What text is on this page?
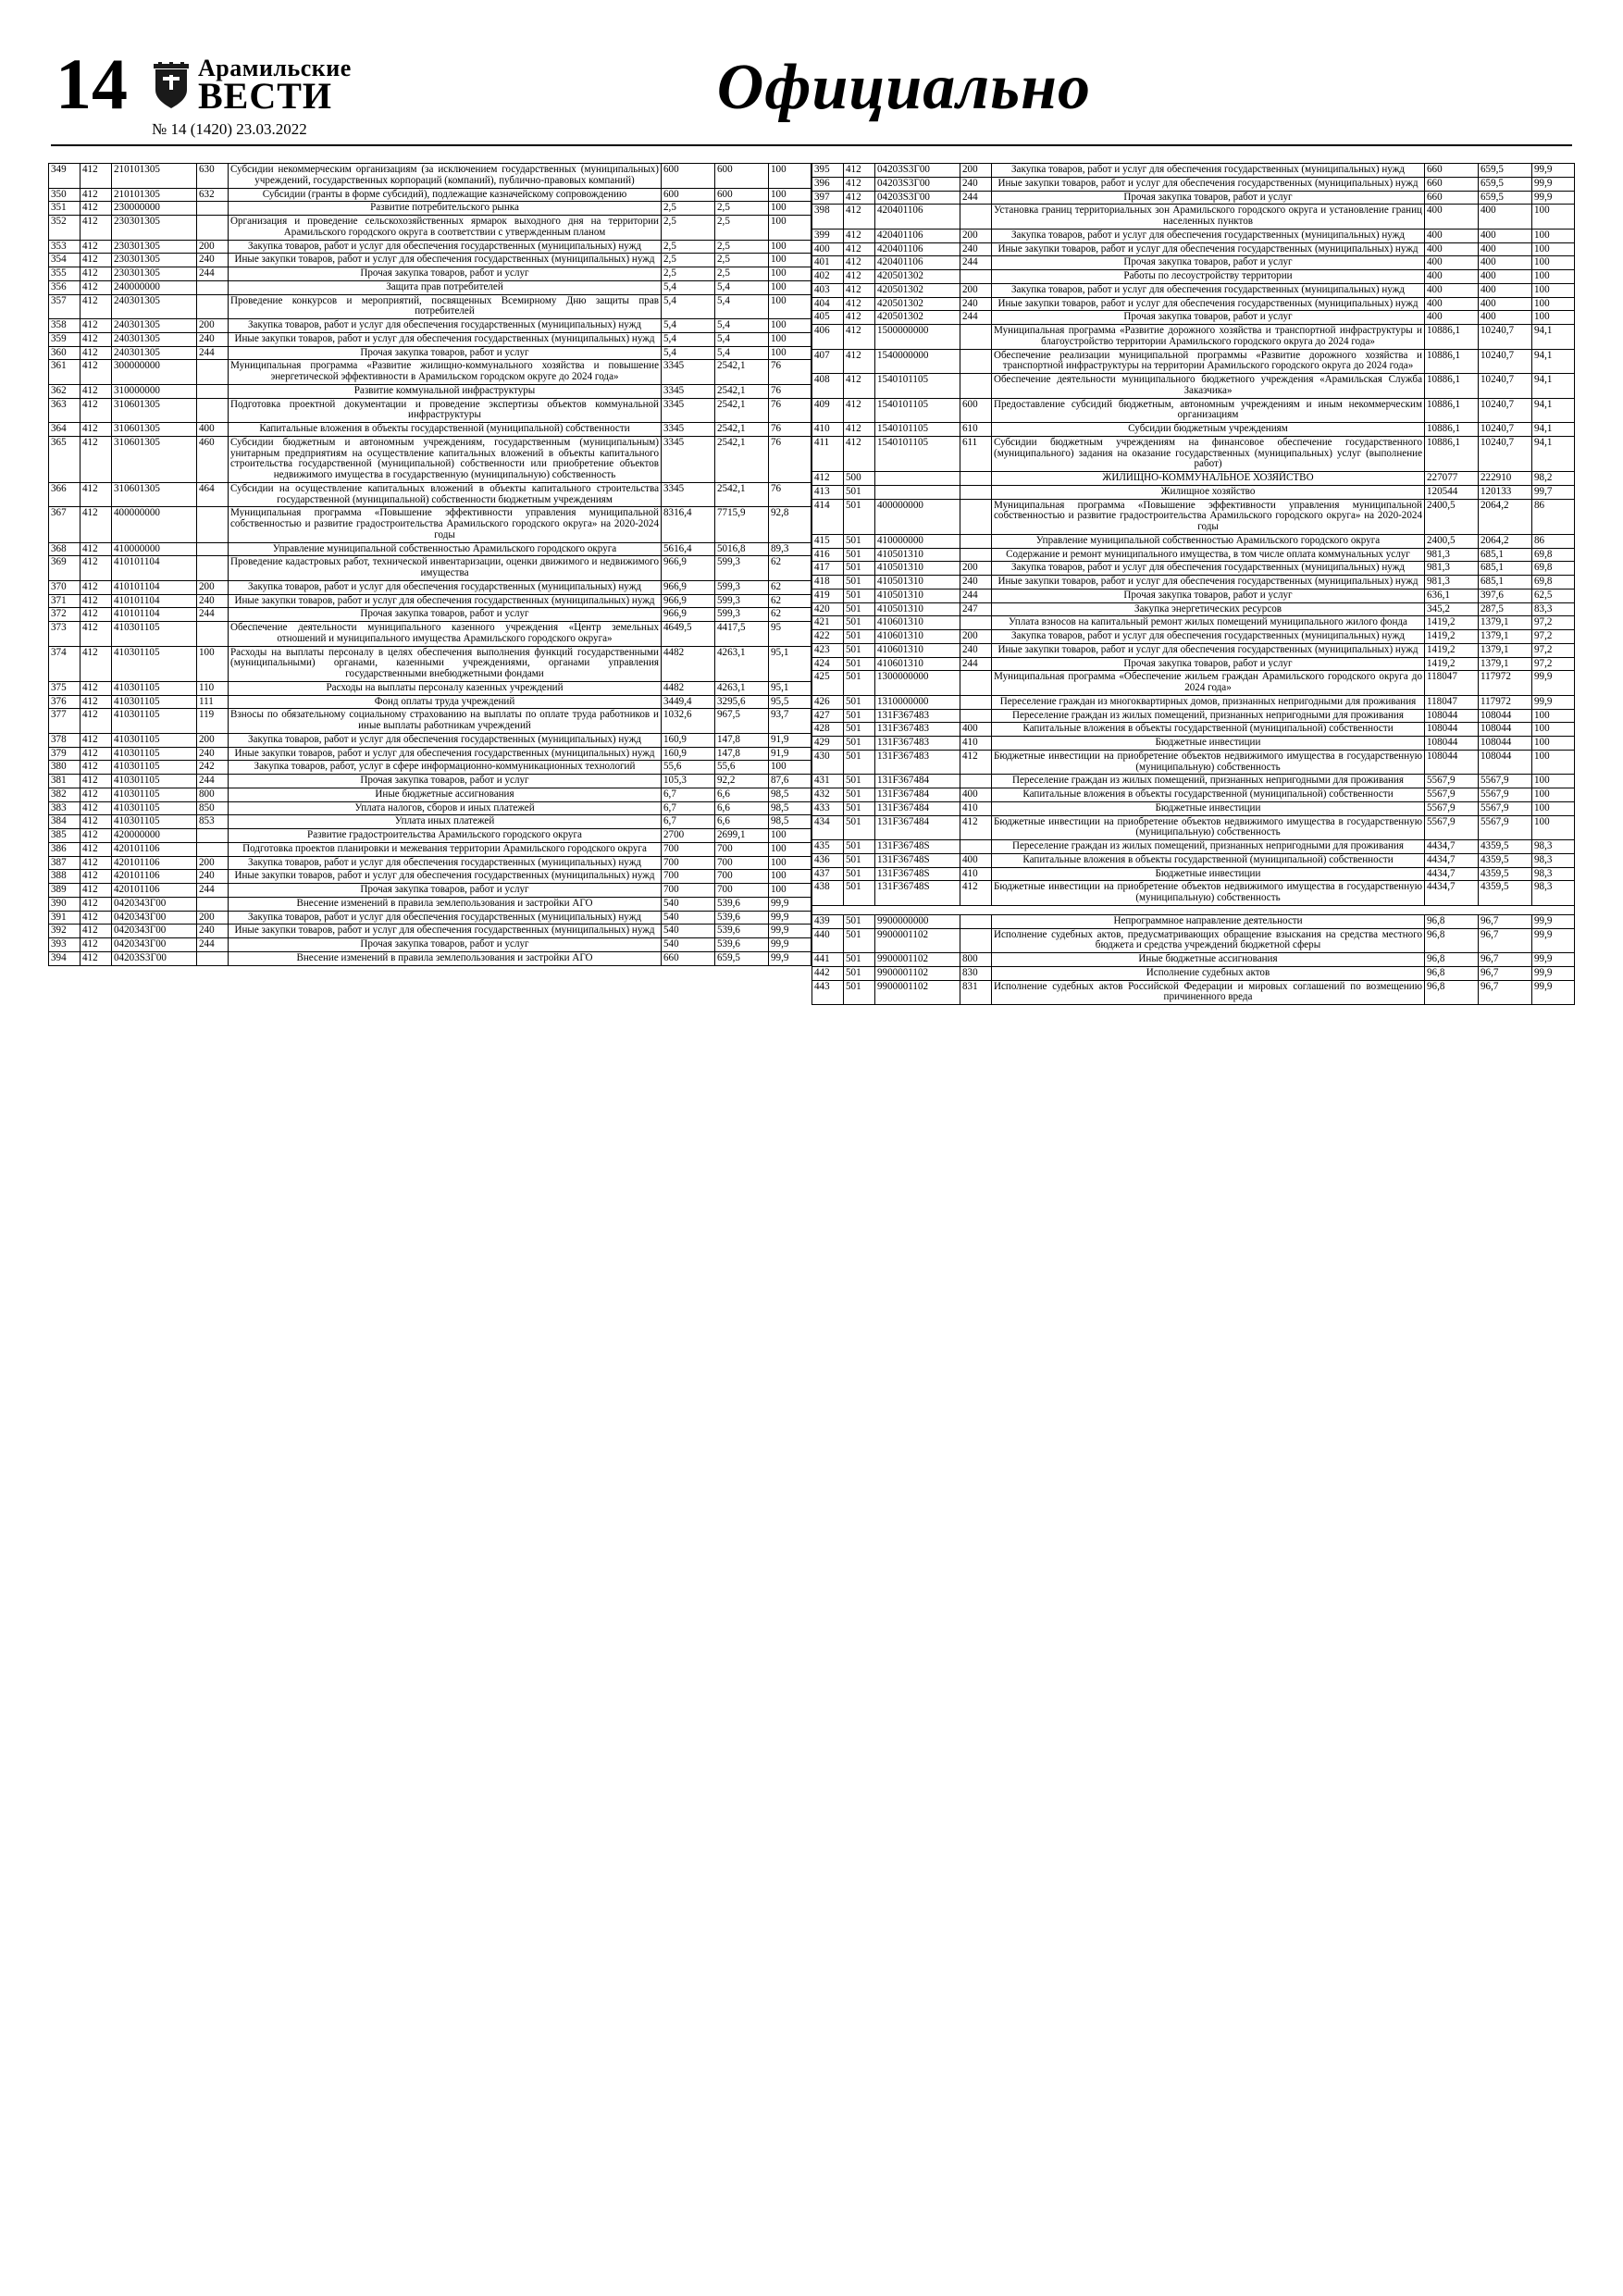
14	Арамильские
ВЕСТИ
№ 14 (1420) 23.03.2022
Официально
349	412	210101305	630	Субсидии некоммерческим организациям (за исключением государственных (муниципальных) учреждений, государственных корпораций (компаний), публично-правовых компаний)	600	600	100
350	412	210101305	632	Субсидии (гранты в форме субсидий), подлежащие казначейскому сопровождению	600	600	100
351	412	230000000		Развитие потребительского рынка	2,5	2,5	100
352	412	230301305		Организация и проведение сельскохозяйственных ярмарок выходного дня на территории Арамильского городского округа в соответствии с утвержденным планом	2,5	2,5	100
353	412	230301305	200	Закупка товаров, работ и услуг для обеспечения государственных (муниципальных) нужд	2,5	2,5	100
354	412	230301305	240	Иные закупки товаров, работ и услуг для обеспечения государственных (муниципальных) нужд	2,5	2,5	100
355	412	230301305	244	Прочая закупка товаров, работ и услуг	2,5	2,5	100
356	412	240000000		Защита прав потребителей	5,4	5,4	100
357	412	240301305		Проведение конкурсов и мероприятий, посвященных Всемирному Дню защиты прав потребителей	5,4	5,4	100
358	412	240301305	200	Закупка товаров, работ и услуг для обеспечения государственных (муниципальных) нужд	5,4	5,4	100
359	412	240301305	240	Иные закупки товаров, работ и услуг для обеспечения государственных (муниципальных) нужд	5,4	5,4	100
360	412	240301305	244	Прочая закупка товаров, работ и услуг	5,4	5,4	100
361	412	300000000		Муниципальная программа «Развитие жилищно-коммунального хозяйства и повышение энергетической эффективности в Арамильском городском округе до 2024 года»	3345	2542,1	76
362	412	310000000		Развитие коммунальной инфраструктуры	3345	2542,1	76
363	412	310601305		Подготовка проектной документации и проведение экспертизы объектов коммунальной инфраструктуры	3345	2542,1	76
364	412	310601305	400	Капитальные вложения в объекты государственной (муниципальной) собственности	3345	2542,1	76
365	412	310601305	460	Субсидии бюджетным и автономным учреждениям, государственным (муниципальным) унитарным предприятиям на осуществление капитальных вложений в объекты капитального строительства государственной (муниципальной) собственности или приобретение объектов недвижимого имущества в государственную (муниципальную) собственность	3345	2542,1	76
366	412	310601305	464	Субсидии на осуществление капитальных вложений в объекты капитального строительства государственной (муниципальной) собственности бюджетным учреждениям	3345	2542,1	76
367	412	400000000		Муниципальная программа «Повышение эффективности управления муниципальной собственностью и развитие градостроительства Арамильского городского округа» на 2020-2024 годы	8316,4	7715,9	92,8
368	412	410000000		Управление муниципальной собственностью Арамильского городского округа	5616,4	5016,8	89,3
369	412	410101104		Проведение кадастровых работ, технической инвентаризации, оценки движимого и недвижимого имущества	966,9	599,3	62
370	412	410101104	200	Закупка товаров, работ и услуг для обеспечения государственных (муниципальных) нужд	966,9	599,3	62
371	412	410101104	240	Иные закупки товаров, работ и услуг для обеспечения государственных (муниципальных) нужд	966,9	599,3	62
372	412	410101104	244	Прочая закупка товаров, работ и услуг	966,9	599,3	62
373	412	410301105		Обеспечение деятельности муниципального казенного учреждения «Центр земельных отношений и муниципального имущества Арамильского городского округа»	4649,5	4417,5	95
374	412	410301105	100	Расходы на выплаты персоналу в целях обеспечения выполнения функций государственными (муниципальными) органами, казенными учреждениями, органами управления государственными внебюджетными фондами	4482	4263,1	95,1
375	412	410301105	110	Расходы на выплаты персоналу казенных учреждений	4482	4263,1	95,1
376	412	410301105	111	Фонд оплаты труда учреждений	3449,4	3295,6	95,5
377	412	410301105	119	Взносы по обязательному социальному страхованию на выплаты по оплате труда работников и иные выплаты работникам учреждений	1032,6	967,5	93,7
378	412	410301105	200	Закупка товаров, работ и услуг для обеспечения государственных (муниципальных) нужд	160,9	147,8	91,9
379	412	410301105	240	Иные закупки товаров, работ и услуг для обеспечения государственных (муниципальных) нужд	160,9	147,8	91,9
380	412	410301105	242	Закупка товаров, работ, услуг в сфере информационно-коммуникационных технологий	55,6	55,6	100
381	412	410301105	244	Прочая закупка товаров, работ и услуг	105,3	92,2	87,6
382	412	410301105	800	Иные бюджетные ассигнования	6,7	6,6	98,5
383	412	410301105	850	Уплата налогов, сборов и иных платежей	6,7	6,6	98,5
384	412	410301105	853	Уплата иных платежей	6,7	6,6	98,5
385	412	420000000		Развитие градостроительства Арамильского городского округа	2700	2699,1	100
386	412	420101106		Подготовка проектов планировки и межевания территории Арамильского городского округа	700	700	100
387	412	420101106	200	Закупка товаров, работ и услуг для обеспечения государственных (муниципальных) нужд	700	700	100
388	412	420101106	240	Иные закупки товаров, работ и услуг для обеспечения государственных (муниципальных) нужд	700	700	100
389	412	420101106	244	Прочая закупка товаров, работ и услуг	700	700	100
390	412	0420343Г00		Внесение изменений в правила землепользования и застройки АГО	540	539,6	99,9
391	412	0420343Г00	200	Закупка товаров, работ и услуг для обеспечения государственных (муниципальных) нужд	540	539,6	99,9
392	412	0420343Г00	240	Иные закупки товаров, работ и услуг для обеспечения государственных (муниципальных) нужд	540	539,6	99,9
393	412	0420343Г00	244	Прочая закупка товаров, работ и услуг	540	539,6	99,9
394	412	04203S3Г00		Внесение изменений в правила землепользования и застройки АГО	660	659,5	99,9
395	412	04203S3Г00	200	Закупка товаров, работ и услуг для обеспечения государственных (муниципальных) нужд	660	659,5	99,9
396	412	04203S3Г00	240	Иные закупки товаров, работ и услуг для обеспечения государственных (муниципальных) нужд	660	659,5	99,9
397	412	04203S3Г00	244	Прочая закупка товаров, работ и услуг	660	659,5	99,9
398	412	420401106		Установка границ территориальных зон Арамильского городского округа и установление границ населенных пунктов	400	400	100
399	412	420401106	200	Закупка товаров, работ и услуг для обеспечения государственных (муниципальных) нужд	400	400	100
400	412	420401106	240	Иные закупки товаров, работ и услуг для обеспечения государственных (муниципальных) нужд	400	400	100
401	412	420401106	244	Прочая закупка товаров, работ и услуг	400	400	100
402	412	420501302		Работы по лесоустройству территории	400	400	100
403	412	420501302	200	Закупка товаров, работ и услуг для обеспечения государственных (муниципальных) нужд	400	400	100
404	412	420501302	240	Иные закупки товаров, работ и услуг для обеспечения государственных (муниципальных) нужд	400	400	100
405	412	420501302	244	Прочая закупка товаров, работ и услуг	400	400	100
406	412	1500000000		Муниципальная программа «Развитие дорожного хозяйства и транспортной инфраструктуры и благоустройство территории Арамильского городского округа до 2024 года»	10886,1	10240,7	94,1
407	412	1540000000		Обеспечение реализации муниципальной программы «Развитие дорожного хозяйства и транспортной инфраструктуры на территории Арамильского городского округа до 2024 года»	10886,1	10240,7	94,1
408	412	1540101105		Обеспечение деятельности муниципального бюджетного учреждения «Арамильская Служба Заказчика»	10886,1	10240,7	94,1
409	412	1540101105	600	Предоставление субсидий бюджетным, автономным учреждениям и иным некоммерческим организациям	10886,1	10240,7	94,1
410	412	1540101105	610	Субсидии бюджетным учреждениям	10886,1	10240,7	94,1
411	412	1540101105	611	Субсидии бюджетным учреждениям на финансовое обеспечение государственного (муниципального) задания на оказание государственных (муниципальных) услуг (выполнение работ)	10886,1	10240,7	94,1
412	500			ЖИЛИЩНО-КОММУНАЛЬНОЕ ХОЗЯЙСТВО	227077	222910	98,2
413	501			Жилищное хозяйство	120544	120133	99,7
414	501	400000000		Муниципальная программа «Повышение эффективности управления муниципальной собственностью и развитие градостроительства Арамильского городского округа» на 2020-2024 годы	2400,5	2064,2	86
415	501	410000000		Управление муниципальной собственностью Арамильского городского округа	2400,5	2064,2	86
416	501	410501310		Содержание и ремонт муниципального имущества, в том числе оплата коммунальных услуг	981,3	685,1	69,8
417	501	410501310	200	Закупка товаров, работ и услуг для обеспечения государственных (муниципальных) нужд	981,3	685,1	69,8
418	501	410501310	240	Иные закупки товаров, работ и услуг для обеспечения государственных (муниципальных) нужд	981,3	685,1	69,8
419	501	410501310	244	Прочая закупка товаров, работ и услуг	636,1	397,6	62,5
420	501	410501310	247	Закупка энергетических ресурсов	345,2	287,5	83,3
421	501	410601310		Уплата взносов на капитальный ремонт жилых помещений муниципального жилого фонда	1419,2	1379,1	97,2
422	501	410601310	200	Закупка товаров, работ и услуг для обеспечения государственных (муниципальных) нужд	1419,2	1379,1	97,2
423	501	410601310	240	Иные закупки товаров, работ и услуг для обеспечения государственных (муниципальных) нужд	1419,2	1379,1	97,2
424	501	410601310	244	Прочая закупка товаров, работ и услуг	1419,2	1379,1	97,2
425	501	1300000000		Муниципальная программа «Обеспечение жильем граждан Арамильского городского округа до 2024 года»	118047	117972	99,9
426	501	1310000000		Переселение граждан из многоквартирных домов, признанных непригодными для проживания	118047	117972	99,9
427	501	131F367483		Переселение граждан из жилых помещений, признанных непригодными для проживания	108044	108044	100
428	501	131F367483	400	Капитальные вложения в объекты государственной (муниципальной) собственности	108044	108044	100
429	501	131F367483	410	Бюджетные инвестиции	108044	108044	100
430	501	131F367483	412	Бюджетные инвестиции на приобретение объектов недвижимого имущества в государственную (муниципальную) собственность	108044	108044	100
431	501	131F367484		Переселение граждан из жилых помещений, признанных непригодными для проживания	5567,9	5567,9	100
432	501	131F367484	400	Капитальные вложения в объекты государственной (муниципальной) собственности	5567,9	5567,9	100
433	501	131F367484	410	Бюджетные инвестиции	5567,9	5567,9	100
434	501	131F367484	412	Бюджетные инвестиции на приобретение объектов недвижимого имущества в государственную (муниципальную) собственность	5567,9	5567,9	100
435	501	131F36748S		Переселение граждан из жилых помещений, признанных непригодными для проживания	4434,7	4359,5	98,3
436	501	131F36748S	400	Капитальные вложения в объекты государственной (муниципальной) собственности	4434,7	4359,5	98,3
437	501	131F36748S	410	Бюджетные инвестиции	4434,7	4359,5	98,3
438	501	131F36748S	412	Бюджетные инвестиции на приобретение объектов недвижимого имущества в государственную (муниципальную) собственность	4434,7	4359,5	98,3

439	501	9900000000		Непрограммное направление деятельности	96,8	96,7	99,9
440	501	9900001102		Исполнение судебных актов, предусматривающих обращение взыскания на средства местного бюджета и средства учреждений бюджетной сферы	96,8	96,7	99,9
441	501	9900001102	800	Иные бюджетные ассигнования	96,8	96,7	99,9
442	501	9900001102	830	Исполнение судебных актов	96,8	96,7	99,9
443	501	9900001102	831	Исполнение судебных актов Российской Федерации и мировых соглашений по возмещению причиненного вреда	96,8	96,7	99,9
